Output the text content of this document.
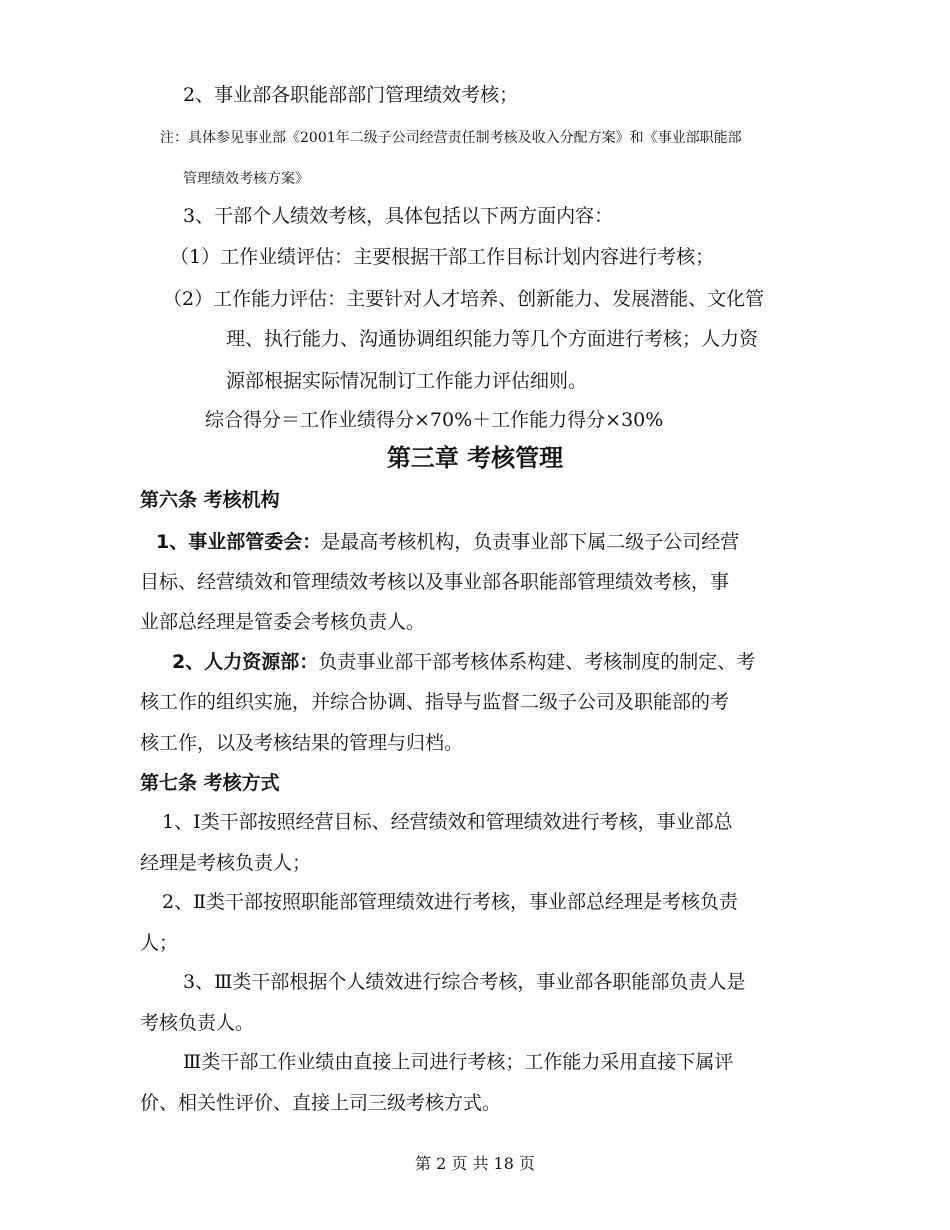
2、事业部各职能部部门管理绩效考核；
注：具体参见事业部《2001年二级子公司经营责任制考核及收入分配方案》和《事业部职能部
管理绩效考核方案》
3、干部个人绩效考核，具体包括以下两方面内容：
（1）工作业绩评估：主要根据干部工作目标计划内容进行考核；
（2）工作能力评估：主要针对人才培养、创新能力、发展潜能、文化管
理、执行能力、沟通协调组织能力等几个方面进行考核；人力资
源部根据实际情况制订工作能力评估细则。
综合得分＝工作业绩得分×70%＋工作能力得分×30%
第三章 考核管理
第六条 考核机构
1、事业部管委会：是最高考核机构，负责事业部下属二级子公司经营
目标、经营绩效和管理绩效考核以及事业部各职能部管理绩效考核，事
业部总经理是管委会考核负责人。
2、人力资源部：负责事业部干部考核体系构建、考核制度的制定、考
核工作的组织实施，并综合协调、指导与监督二级子公司及职能部的考
核工作，以及考核结果的管理与归档。
第七条 考核方式
1、Ⅰ类干部按照经营目标、经营绩效和管理绩效进行考核，事业部总
经理是考核负责人；
2、Ⅱ类干部按照职能部管理绩效进行考核，事业部总经理是考核负责
人；
3、Ⅲ类干部根据个人绩效进行综合考核，事业部各职能部负责人是
考核负责人。
Ⅲ类干部工作业绩由直接上司进行考核；工作能力采用直接下属评
价、相关性评价、直接上司三级考核方式。
第 2 页 共 18 页
